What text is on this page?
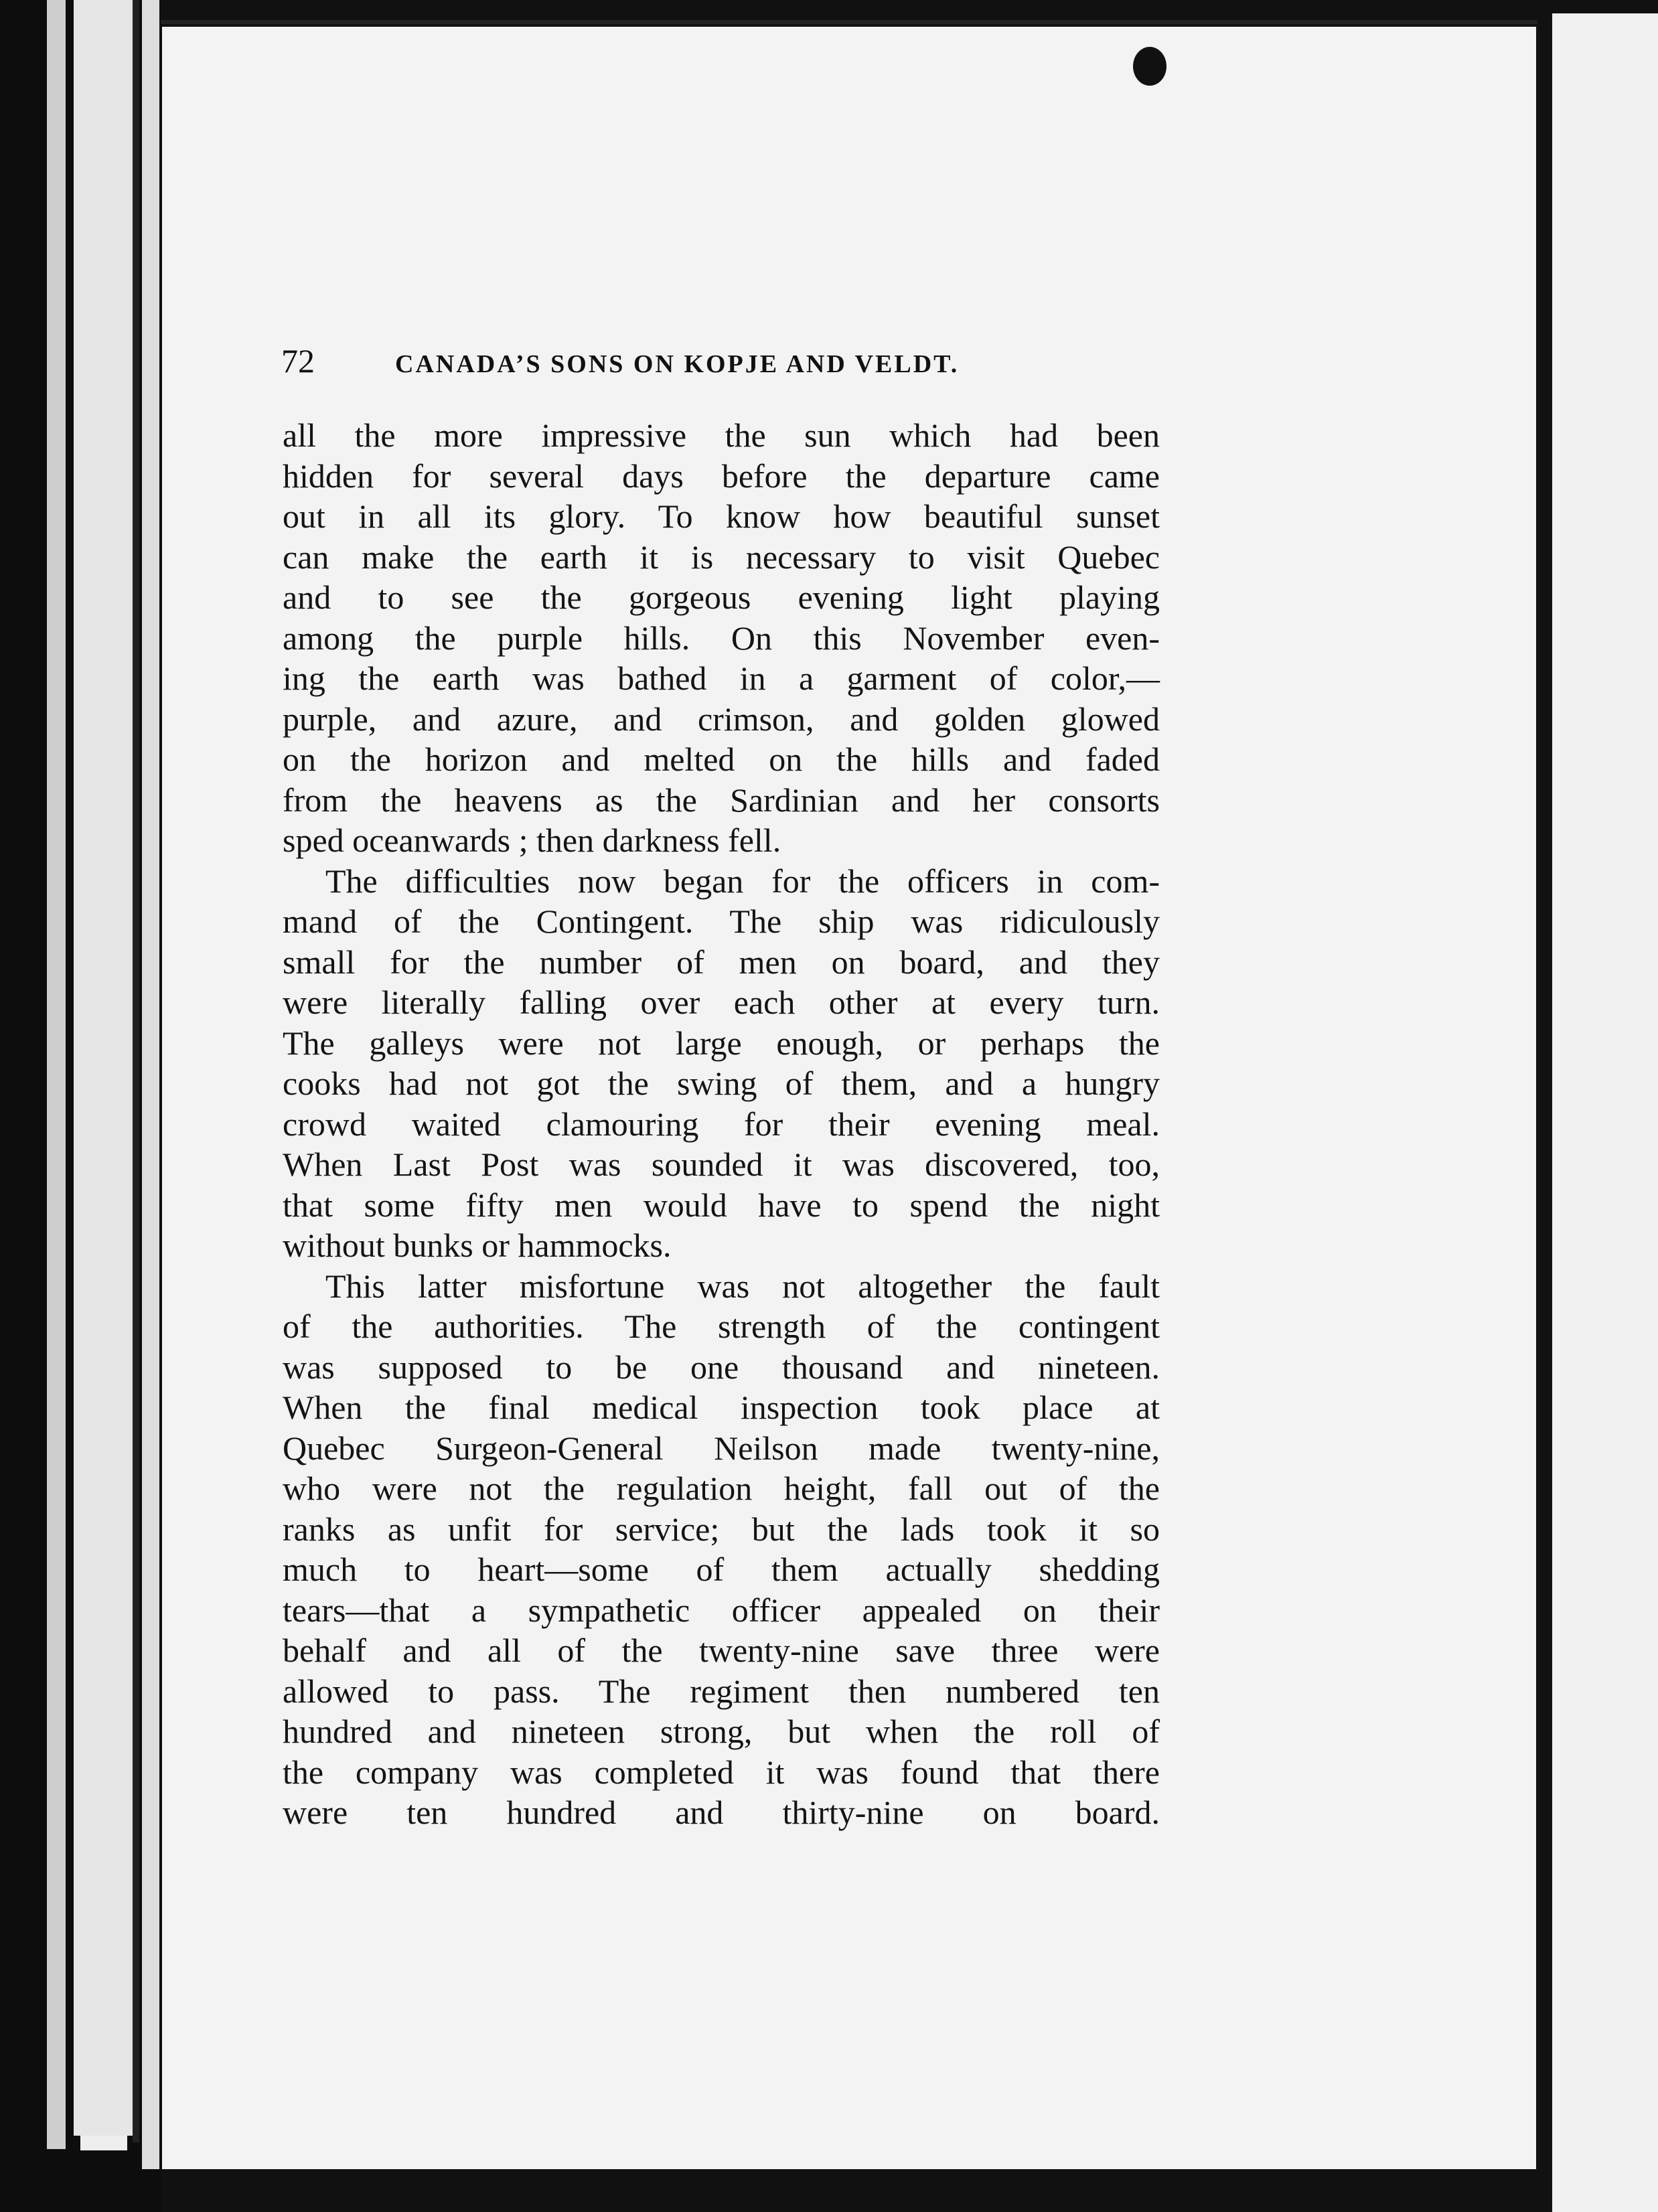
72	CANADA’S SONS ON KOPJE AND VELDT.
all the more impressive the sun which had been
hidden for several days before the departure came
out in all its glory. To know how beautiful sunset
can make the earth it is necessary to visit Quebec
and to see the gorgeous evening light playing
among the purple hills. On this November even-
ing the earth was bathed in a garment of color,—
purple, and azure, and crimson, and golden glowed
on the horizon and melted on the hills and faded
from the heavens as the Sardinian and her consorts
sped oceanwards ; then darkness fell.
The difficulties now began for the officers in com-
mand of the Contingent. The ship was ridiculously
small for the number of men on board, and they
were literally falling over each other at every turn.
The galleys were not large enough, or perhaps the
cooks had not got the swing of them, and a hungry
crowd waited clamouring for their evening meal.
When Last Post was sounded it was discovered, too,
that some fifty men would have to spend the night
without bunks or hammocks.
This latter misfortune was not altogether the fault
of the authorities. The strength of the contingent
was supposed to be one thousand and nineteen.
When the final medical inspection took place at
Quebec Surgeon-General Neilson made twenty-nine,
who were not the regulation height, fall out of the
ranks as unfit for service; but the lads took it so
much to heart—some of them actually shedding
tears—that a sympathetic officer appealed on their
behalf and all of the twenty-nine save three were
allowed to pass. The regiment then numbered ten
hundred and nineteen strong, but when the roll of
the company was completed it was found that there
were ten hundred and thirty-nine on board.
